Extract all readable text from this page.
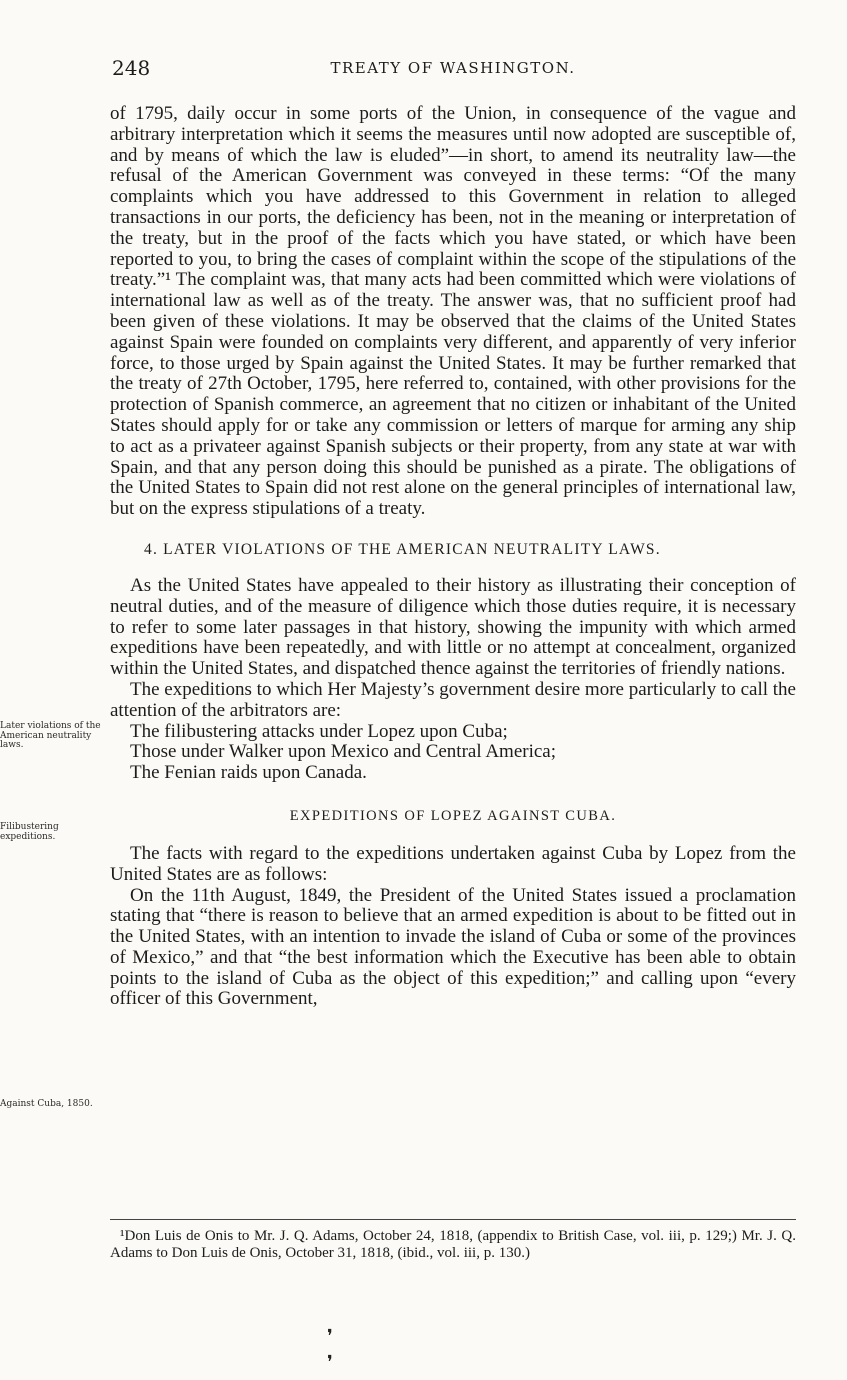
248	TREATY OF WASHINGTON.

of 1795, daily occur in some ports of the Union, in consequence of the vague and arbitrary interpretation which it seems the measures until now adopted are susceptible of, and by means of which the law is eluded”—in short, to amend its neutrality law—the refusal of the American Government was conveyed in these terms: “Of the many complaints which you have addressed to this Government in relation to alleged transactions in our ports, the deficiency has been, not in the meaning or interpretation of the treaty, but in the proof of the facts which you have stated, or which have been reported to you, to bring the cases of complaint within the scope of the stipulations of the treaty.”¹ The complaint was, that many acts had been committed which were violations of international law as well as of the treaty. The answer was, that no sufficient proof had been given of these violations. It may be observed that the claims of the United States against Spain were founded on complaints very different, and apparently of very inferior force, to those urged by Spain against the United States. It may be further remarked that the treaty of 27th October, 1795, here referred to, contained, with other provisions for the protection of Spanish commerce, an agreement that no citizen or inhabitant of the United States should apply for or take any commission or letters of marque for arming any ship to act as a privateer against Spanish subjects or their property, from any state at war with Spain, and that any person doing this should be punished as a pirate. The obligations of the United States to Spain did not rest alone on the general principles of international law, but on the express stipulations of a treaty.

4. LATER VIOLATIONS OF THE AMERICAN NEUTRALITY LAWS.

As the United States have appealed to their history as illustrating their conception of neutral duties, and of the measure of diligence which those duties require, it is necessary to refer to some later passages in that history, showing the impunity with which armed expeditions have been repeatedly, and with little or no attempt at concealment, organized within the United States, and dispatched thence against the territories of friendly nations.

The expeditions to which Her Majesty’s government desire more particularly to call the attention of the arbitrators are:

The filibustering attacks under Lopez upon Cuba;

Those under Walker upon Mexico and Central America;

The Fenian raids upon Canada.

EXPEDITIONS OF LOPEZ AGAINST CUBA.

The facts with regard to the expeditions undertaken against Cuba by Lopez from the United States are as follows:

On the 11th August, 1849, the President of the United States issued a proclamation stating that “there is reason to believe that an armed expedition is about to be fitted out in the United States, with an intention to invade the island of Cuba or some of the provinces of Mexico,” and that “the best information which the Executive has been able to obtain points to the island of Cuba as the object of this expedition;” and calling upon “every officer of this Government,

Later violations of the American neutrality laws.
Filibustering expeditions.
Against Cuba, 1850.
¹Don Luis de Onis to Mr. J. Q. Adams, October 24, 1818, (appendix to British Case, vol. iii, p. 129;) Mr. J. Q. Adams to Don Luis de Onis, October 31, 1818, (ibid., vol. iii, p. 130.)
❜
❜
